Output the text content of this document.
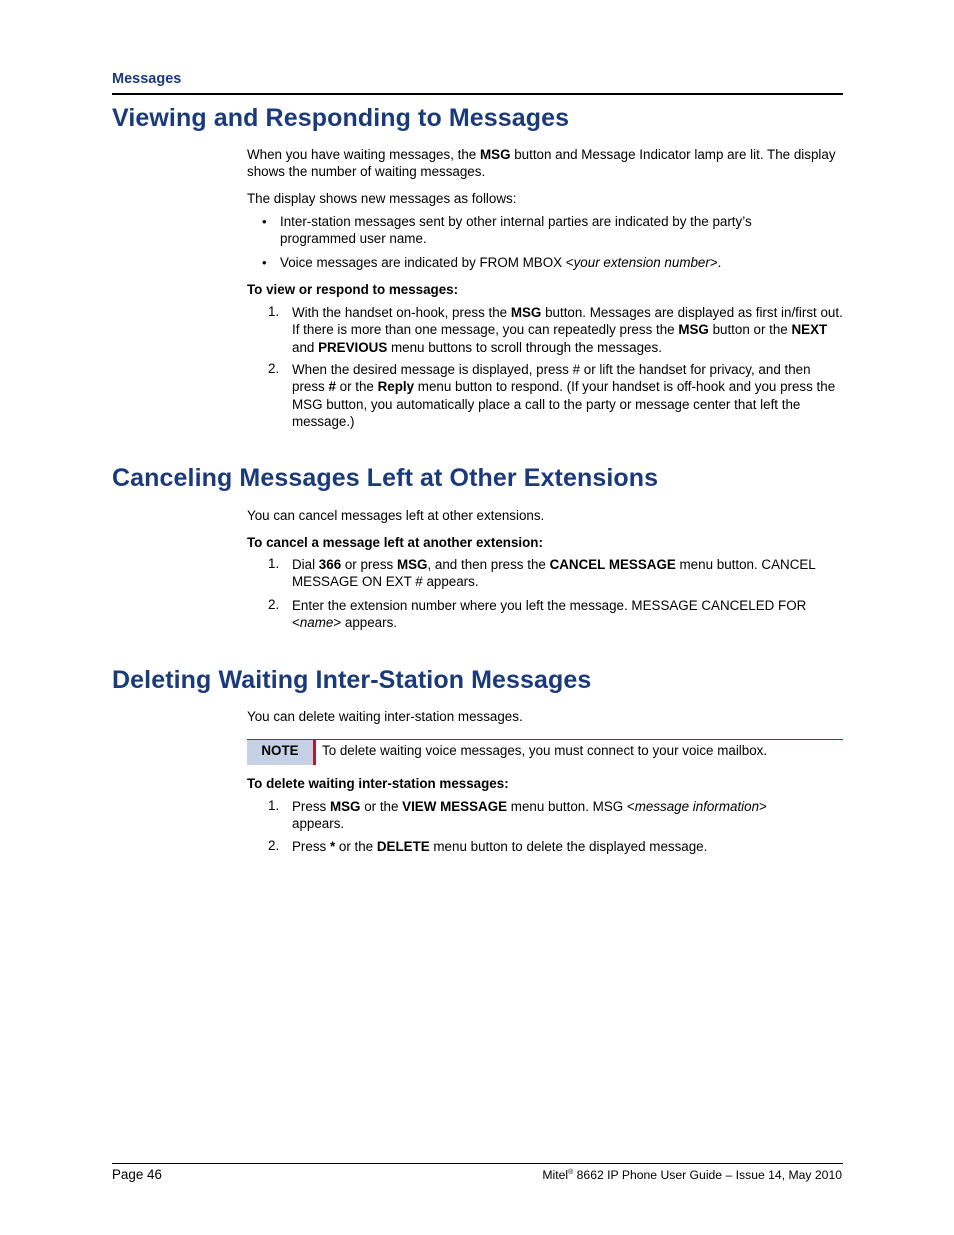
Messages
Viewing and Responding to Messages

When you have waiting messages, the MSG button and Message Indicator lamp are lit. The display shows the number of waiting messages.

The display shows new messages as follows:

• Inter-station messages sent by other internal parties are indicated by the party’s programmed user name.

• Voice messages are indicated by FROM MBOX <your extension number>.

To view or respond to messages:

1. With the handset on-hook, press the MSG button. Messages are displayed as first in/first out. If there is more than one message, you can repeatedly press the MSG button or the NEXT and PREVIOUS menu buttons to scroll through the messages.

2. When the desired message is displayed, press # or lift the handset for privacy, and then press # or the Reply menu button to respond. (If your handset is off-hook and you press the MSG button, you automatically place a call to the party or message center that left the message.)

Canceling Messages Left at Other Extensions

You can cancel messages left at other extensions.

To cancel a message left at another extension:

1. Dial 366 or press MSG, and then press the CANCEL MESSAGE menu button. CANCEL MESSAGE ON EXT # appears.

2. Enter the extension number where you left the message. MESSAGE CANCELED FOR <name> appears.

Deleting Waiting Inter-Station Messages

You can delete waiting inter-station messages.

NOTE	To delete waiting voice messages, you must connect to your voice mailbox.

To delete waiting inter-station messages:

1. Press MSG or the VIEW MESSAGE menu button. MSG <message information> appears.

2. Press * or the DELETE menu button to delete the displayed message.

Page 46	Mitel® 8662 IP Phone User Guide – Issue 14, May 2010
